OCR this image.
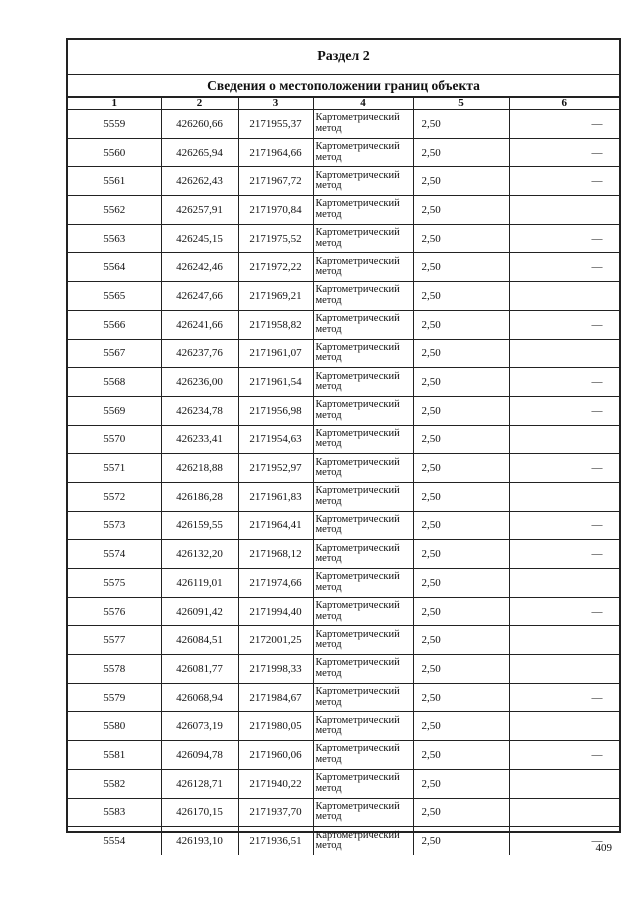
Раздел 2
Сведения о местоположении границ объекта
1	2	3	4	5	6
5559	426260,66	2171955,37	Картометрический метод	2,50	—
5560	426265,94	2171964,66	Картометрический метод	2,50	—
5561	426262,43	2171967,72	Картометрический метод	2,50	—
5562	426257,91	2171970,84	Картометрический метод	2,50	
5563	426245,15	2171975,52	Картометрический метод	2,50	—
5564	426242,46	2171972,22	Картометрический метод	2,50	—
5565	426247,66	2171969,21	Картометрический метод	2,50	
5566	426241,66	2171958,82	Картометрический метод	2,50	—
5567	426237,76	2171961,07	Картометрический метод	2,50	
5568	426236,00	2171961,54	Картометрический метод	2,50	—
5569	426234,78	2171956,98	Картометрический метод	2,50	—
5570	426233,41	2171954,63	Картометрический метод	2,50	
5571	426218,88	2171952,97	Картометрический метод	2,50	—
5572	426186,28	2171961,83	Картометрический метод	2,50	
5573	426159,55	2171964,41	Картометрический метод	2,50	—
5574	426132,20	2171968,12	Картометрический метод	2,50	—
5575	426119,01	2171974,66	Картометрический метод	2,50	
5576	426091,42	2171994,40	Картометрический метод	2,50	—
5577	426084,51	2172001,25	Картометрический метод	2,50	
5578	426081,77	2171998,33	Картометрический метод	2,50	
5579	426068,94	2171984,67	Картометрический метод	2,50	—
5580	426073,19	2171980,05	Картометрический метод	2,50	
5581	426094,78	2171960,06	Картометрический метод	2,50	—
5582	426128,71	2171940,22	Картометрический метод	2,50	
5583	426170,15	2171937,70	Картометрический метод	2,50	
5554	426193,10	2171936,51	Картометрический метод	2,50	—
409
